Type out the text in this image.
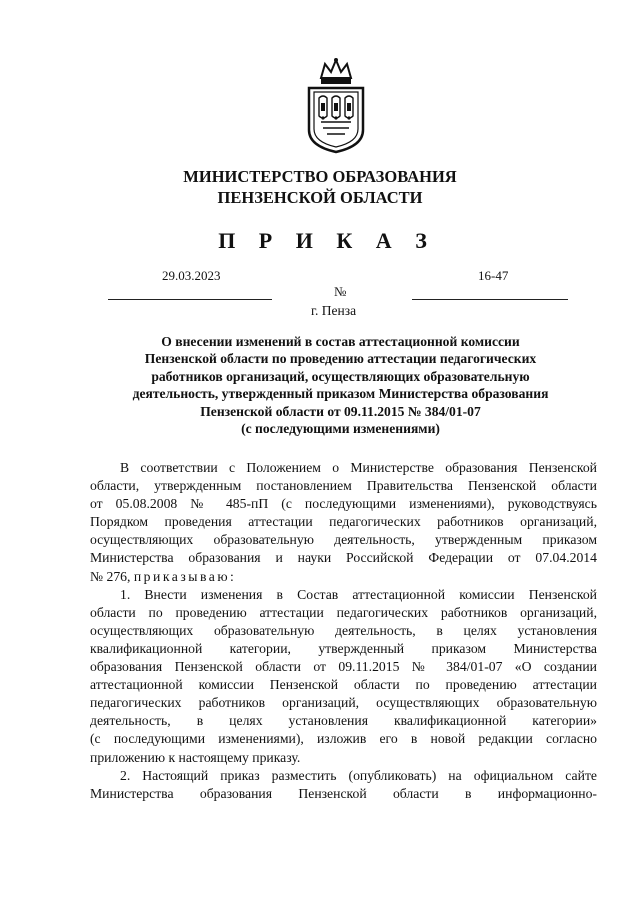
МИНИСТЕРСТВО ОБРАЗОВАНИЯ
ПЕНЗЕНСКОЙ ОБЛАСТИ
П Р И К А З
29.03.2023	16-47
№
г. Пенза
О внесении изменений в состав аттестационной комиссии
Пензенской области по проведению аттестации педагогических
работников организаций, осуществляющих образовательную
деятельность, утвержденный приказом Министерства образования
Пензенской области от 09.11.2015 № 384/01-07
(с последующими изменениями)
В соответствии с Положением о Министерстве образования Пензенской
области, утвержденным постановлением Правительства Пензенской области
от 05.08.2008 № 485-пП (с последующими изменениями), руководствуясь
Порядком проведения аттестации педагогических работников организаций,
осуществляющих образовательную деятельность, утвержденным приказом
Министерства образования и науки Российской Федерации от 07.04.2014
№ 276, приказываю:
1. Внести изменения в Состав аттестационной комиссии Пензенской
области по проведению аттестации педагогических работников организаций,
осуществляющих образовательную деятельность, в целях установления
квалификационной категории, утвержденный приказом Министерства
образования Пензенской области от 09.11.2015 № 384/01-07 «О создании
аттестационной комиссии Пензенской области по проведению аттестации
педагогических работников организаций, осуществляющих образовательную
деятельность, в целях установления квалификационной категории»
(с последующими изменениями), изложив его в новой редакции согласно
приложению к настоящему приказу.
2. Настоящий приказ разместить (опубликовать) на официальном сайте
Министерства образования Пензенской области в информационно-
